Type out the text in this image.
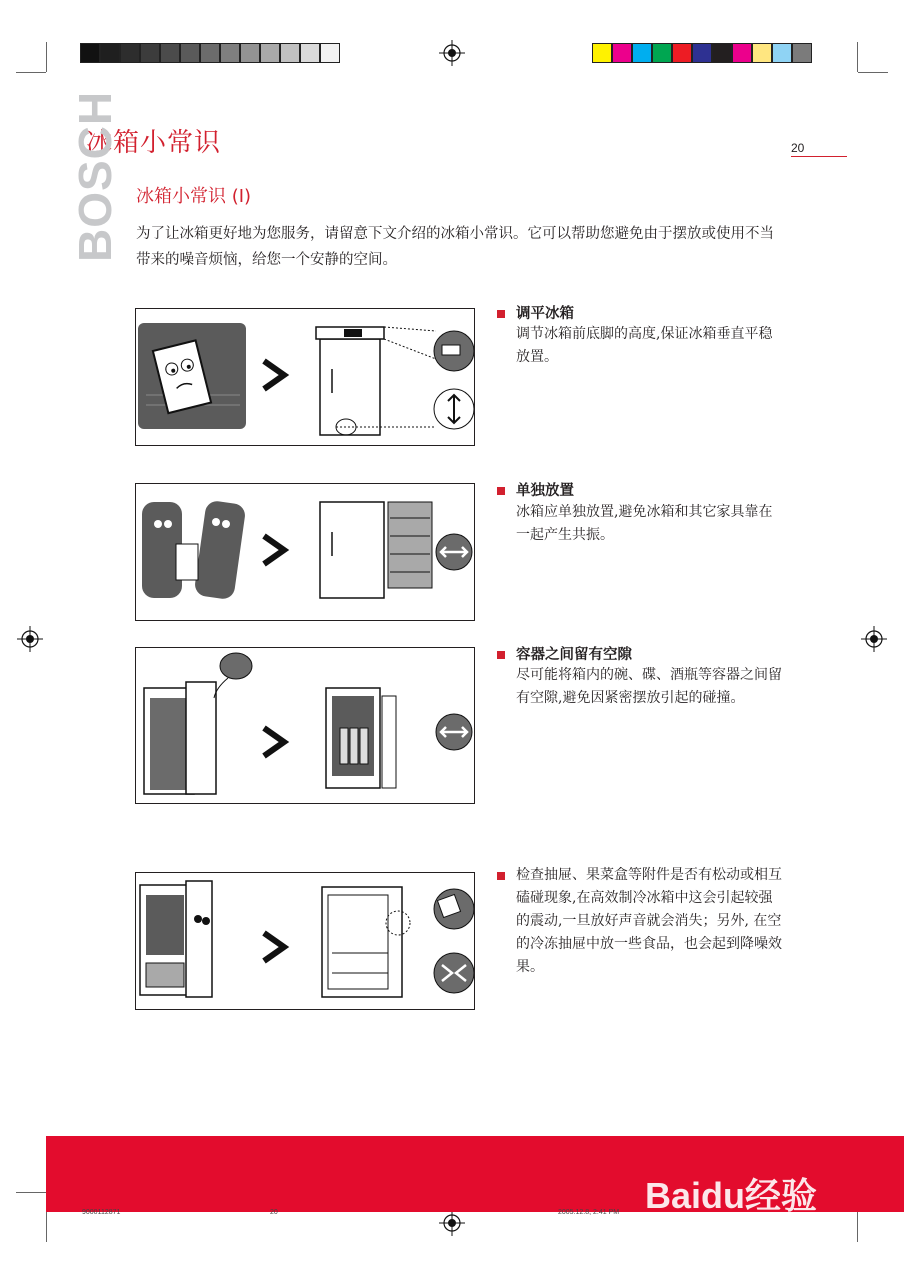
冰箱小常识	20
BOSCH 冰箱小常识 (I)
为了让冰箱更好地为您服务，请留意下文介绍的冰箱小常识。它可以帮助您避免由于摆放或使用不当带来的噪音烦恼，给您一个安静的空间。
调平冰箱
调节冰箱前底脚的高度,保证冰箱垂直平稳放置。
单独放置
冰箱应单独放置,避免冰箱和其它家具靠在一起产生共振。
容器之间留有空隙
尽可能将箱内的碗、碟、酒瓶等容器之间留有空隙,避免因紧密摆放引起的碰撞。
检查抽屉、果菜盒等附件是否有松动或相互磕碰现象,在高效制冷冰箱中这会引起较强的震动,一旦放好声音就会消失；另外, 在空的冷冻抽屉中放一些食品，也会起到降噪效果。
9000112871	20	2005.12.8, 2:41 PM Baidu经验
jingyan.baidu.com
